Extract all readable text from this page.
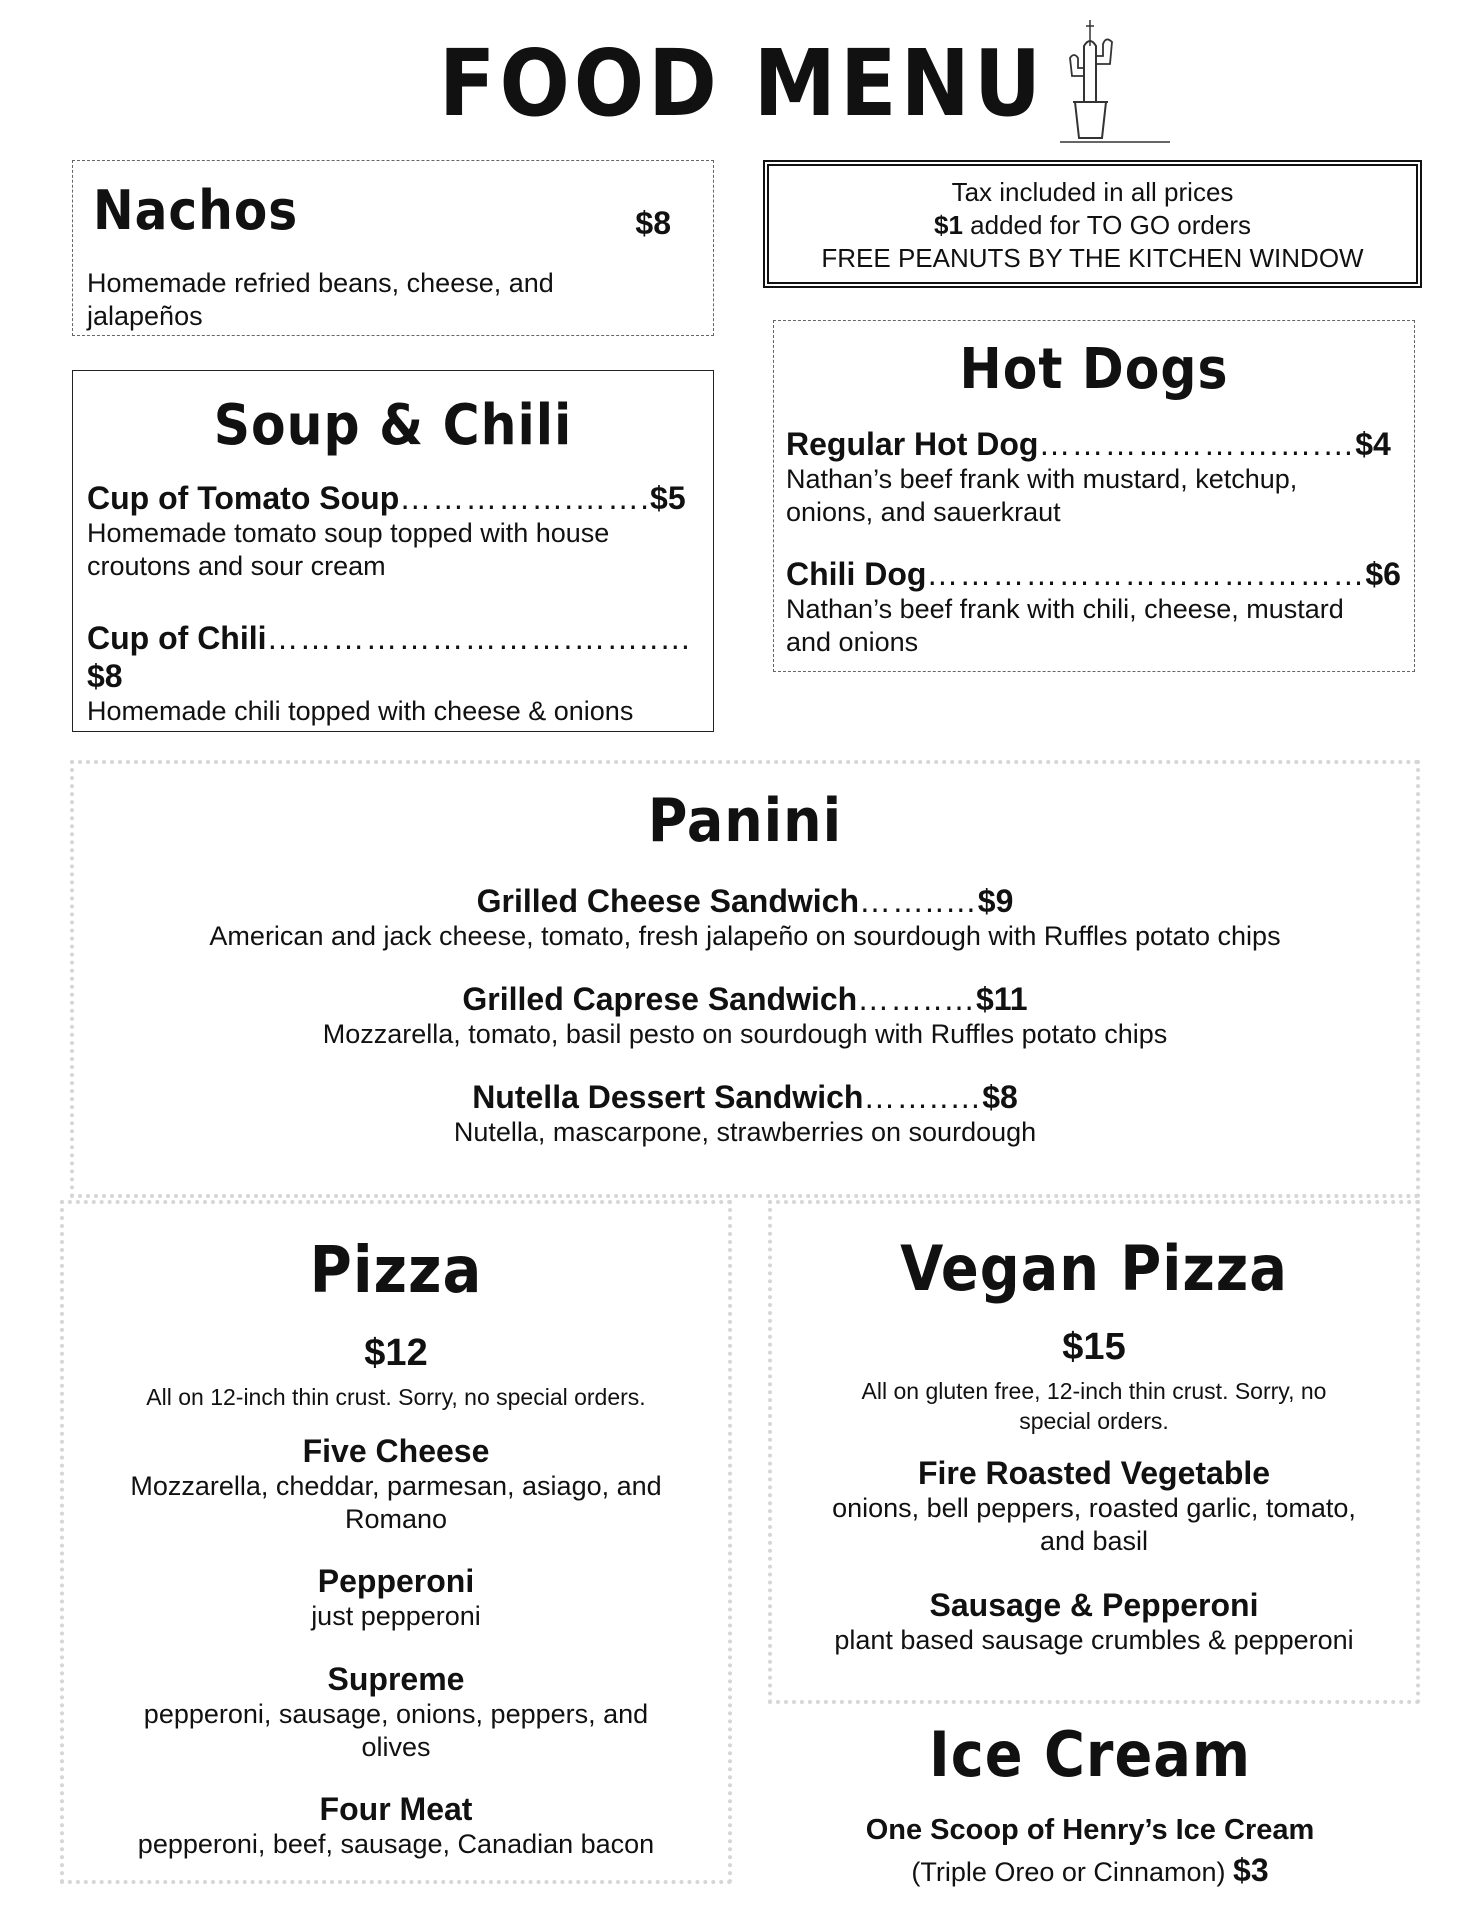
FOOD MENU
Nachos	$8
Homemade refried beans, cheese, and
jalapeños
Tax included in all prices
$1 added for TO GO orders
FREE PEANUTS BY THE KITCHEN WINDOW
Soup & Chili
Cup of Tomato Soup…………….…….$5
Homemade tomato soup topped with house
croutons and sour cream
Cup of Chili……………………….……..…$8
Homemade chili topped with cheese & onions
Hot Dogs
Regular Hot Dog………………….….…$4
Nathan’s beef frank with mustard, ketchup,
onions, and sauerkraut
Chili Dog………………………….………$6
Nathan’s beef frank with chili, cheese, mustard
and onions
Panini
Grilled Cheese Sandwich……..…$9
American and jack cheese, tomato, fresh jalapeño on sourdough with Ruffles potato chips
Grilled Caprese Sandwich……..…$11
Mozzarella, tomato, basil pesto on sourdough with Ruffles potato chips
Nutella Dessert Sandwich……..…$8
Nutella, mascarpone, strawberries on sourdough
Pizza
$12
All on 12-inch thin crust. Sorry, no special orders.
Five Cheese
Mozzarella, cheddar, parmesan, asiago, and
Romano
Pepperoni
just pepperoni
Supreme
pepperoni, sausage, onions, peppers, and
olives
Four Meat
pepperoni, beef, sausage, Canadian bacon
Vegan Pizza
$15
All on gluten free, 12-inch thin crust. Sorry, no
special orders.
Fire Roasted Vegetable
onions, bell peppers, roasted garlic, tomato,
and basil
Sausage & Pepperoni
plant based sausage crumbles & pepperoni
Ice Cream
One Scoop of Henry’s Ice Cream
(Triple Oreo or Cinnamon) $3
